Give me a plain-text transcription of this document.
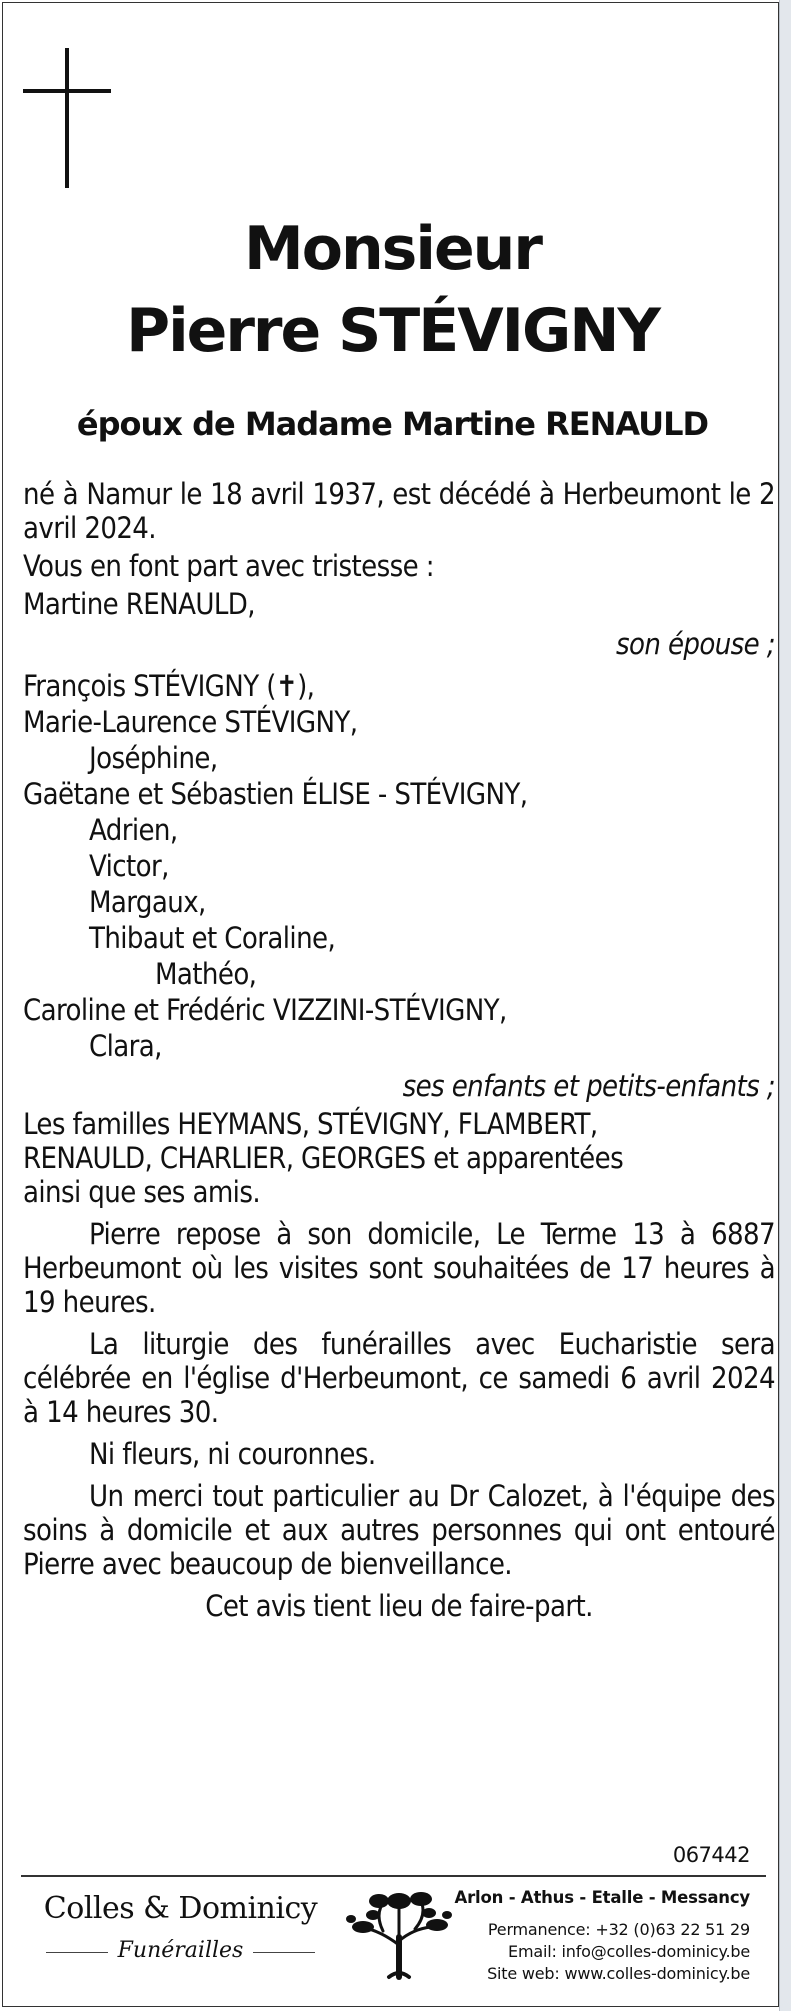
Monsieur
Pierre STÉVIGNY

époux de Madame Martine RENAULD

né à Namur le 18 avril 1937, est décédé à Herbeumont le 2 avril 2024.

Vous en font part avec tristesse :

Martine RENAULD,

son épouse ;

François STÉVIGNY (✝),

Marie-Laurence STÉVIGNY,

Joséphine,

Gaëtane et Sébastien ÉLISE - STÉVIGNY,

Adrien,

Victor,

Margaux,

Thibaut et Coraline,

Mathéo,

Caroline et Frédéric VIZZINI-STÉVIGNY,

Clara,

ses enfants et petits-enfants ;

Les familles HEYMANS, STÉVIGNY, FLAMBERT,

RENAULD, CHARLIER, GEORGES et apparentées

ainsi que ses amis.

Pierre repose à son domicile, Le Terme 13 à 6887 Herbeumont où les visites sont souhaitées de 17 heures à 19 heures.

La liturgie des funérailles avec Eucharistie sera célébrée en l'église d'Herbeumont, ce samedi 6 avril 2024 à 14 heures 30.

Ni fleurs, ni couronnes.

Un merci tout particulier au Dr Calozet, à l'équipe des soins à domicile et aux autres personnes qui ont entouré Pierre avec beaucoup de bienveillance.

Cet avis tient lieu de faire-part.

067442
Colles & Dominicy
Funérailles
Arlon - Athus - Etalle - Messancy
Permanence: +32 (0)63 22 51 29
Email: info@colles-dominicy.be
Site web: www.colles-dominicy.be
